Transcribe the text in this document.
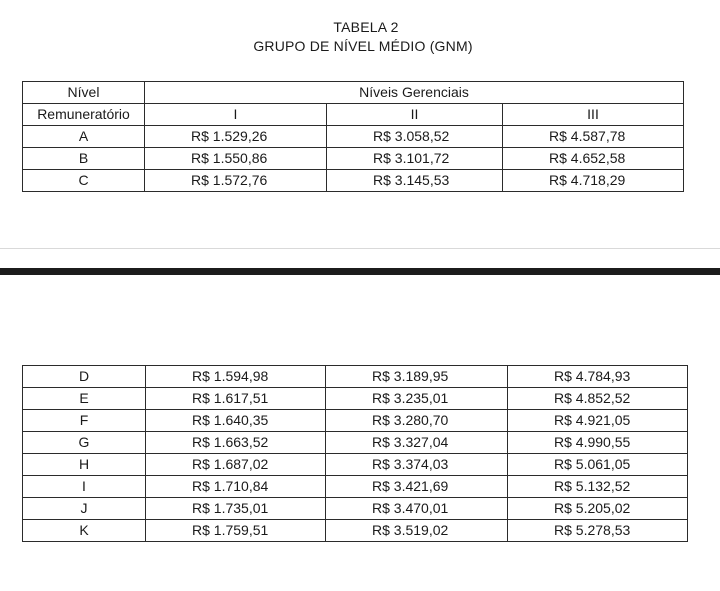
TABELA 2
GRUPO DE NÍVEL MÉDIO (GNM)
Nível	Níveis Gerenciais		
Remuneratório	I	II	III
A	R$ 1.529,26	R$ 3.058,52	R$ 4.587,78
B	R$ 1.550,86	R$ 3.101,72	R$ 4.652,58
C	R$ 1.572,76	R$ 3.145,53	R$ 4.718,29
D	R$ 1.594,98	R$ 3.189,95	R$ 4.784,93
E	R$ 1.617,51	R$ 3.235,01	R$ 4.852,52
F	R$ 1.640,35	R$ 3.280,70	R$ 4.921,05
G	R$ 1.663,52	R$ 3.327,04	R$ 4.990,55
H	R$ 1.687,02	R$ 3.374,03	R$ 5.061,05
I	R$ 1.710,84	R$ 3.421,69	R$ 5.132,52
J	R$ 1.735,01	R$ 3.470,01	R$ 5.205,02
K	R$ 1.759,51	R$ 3.519,02	R$ 5.278,53
